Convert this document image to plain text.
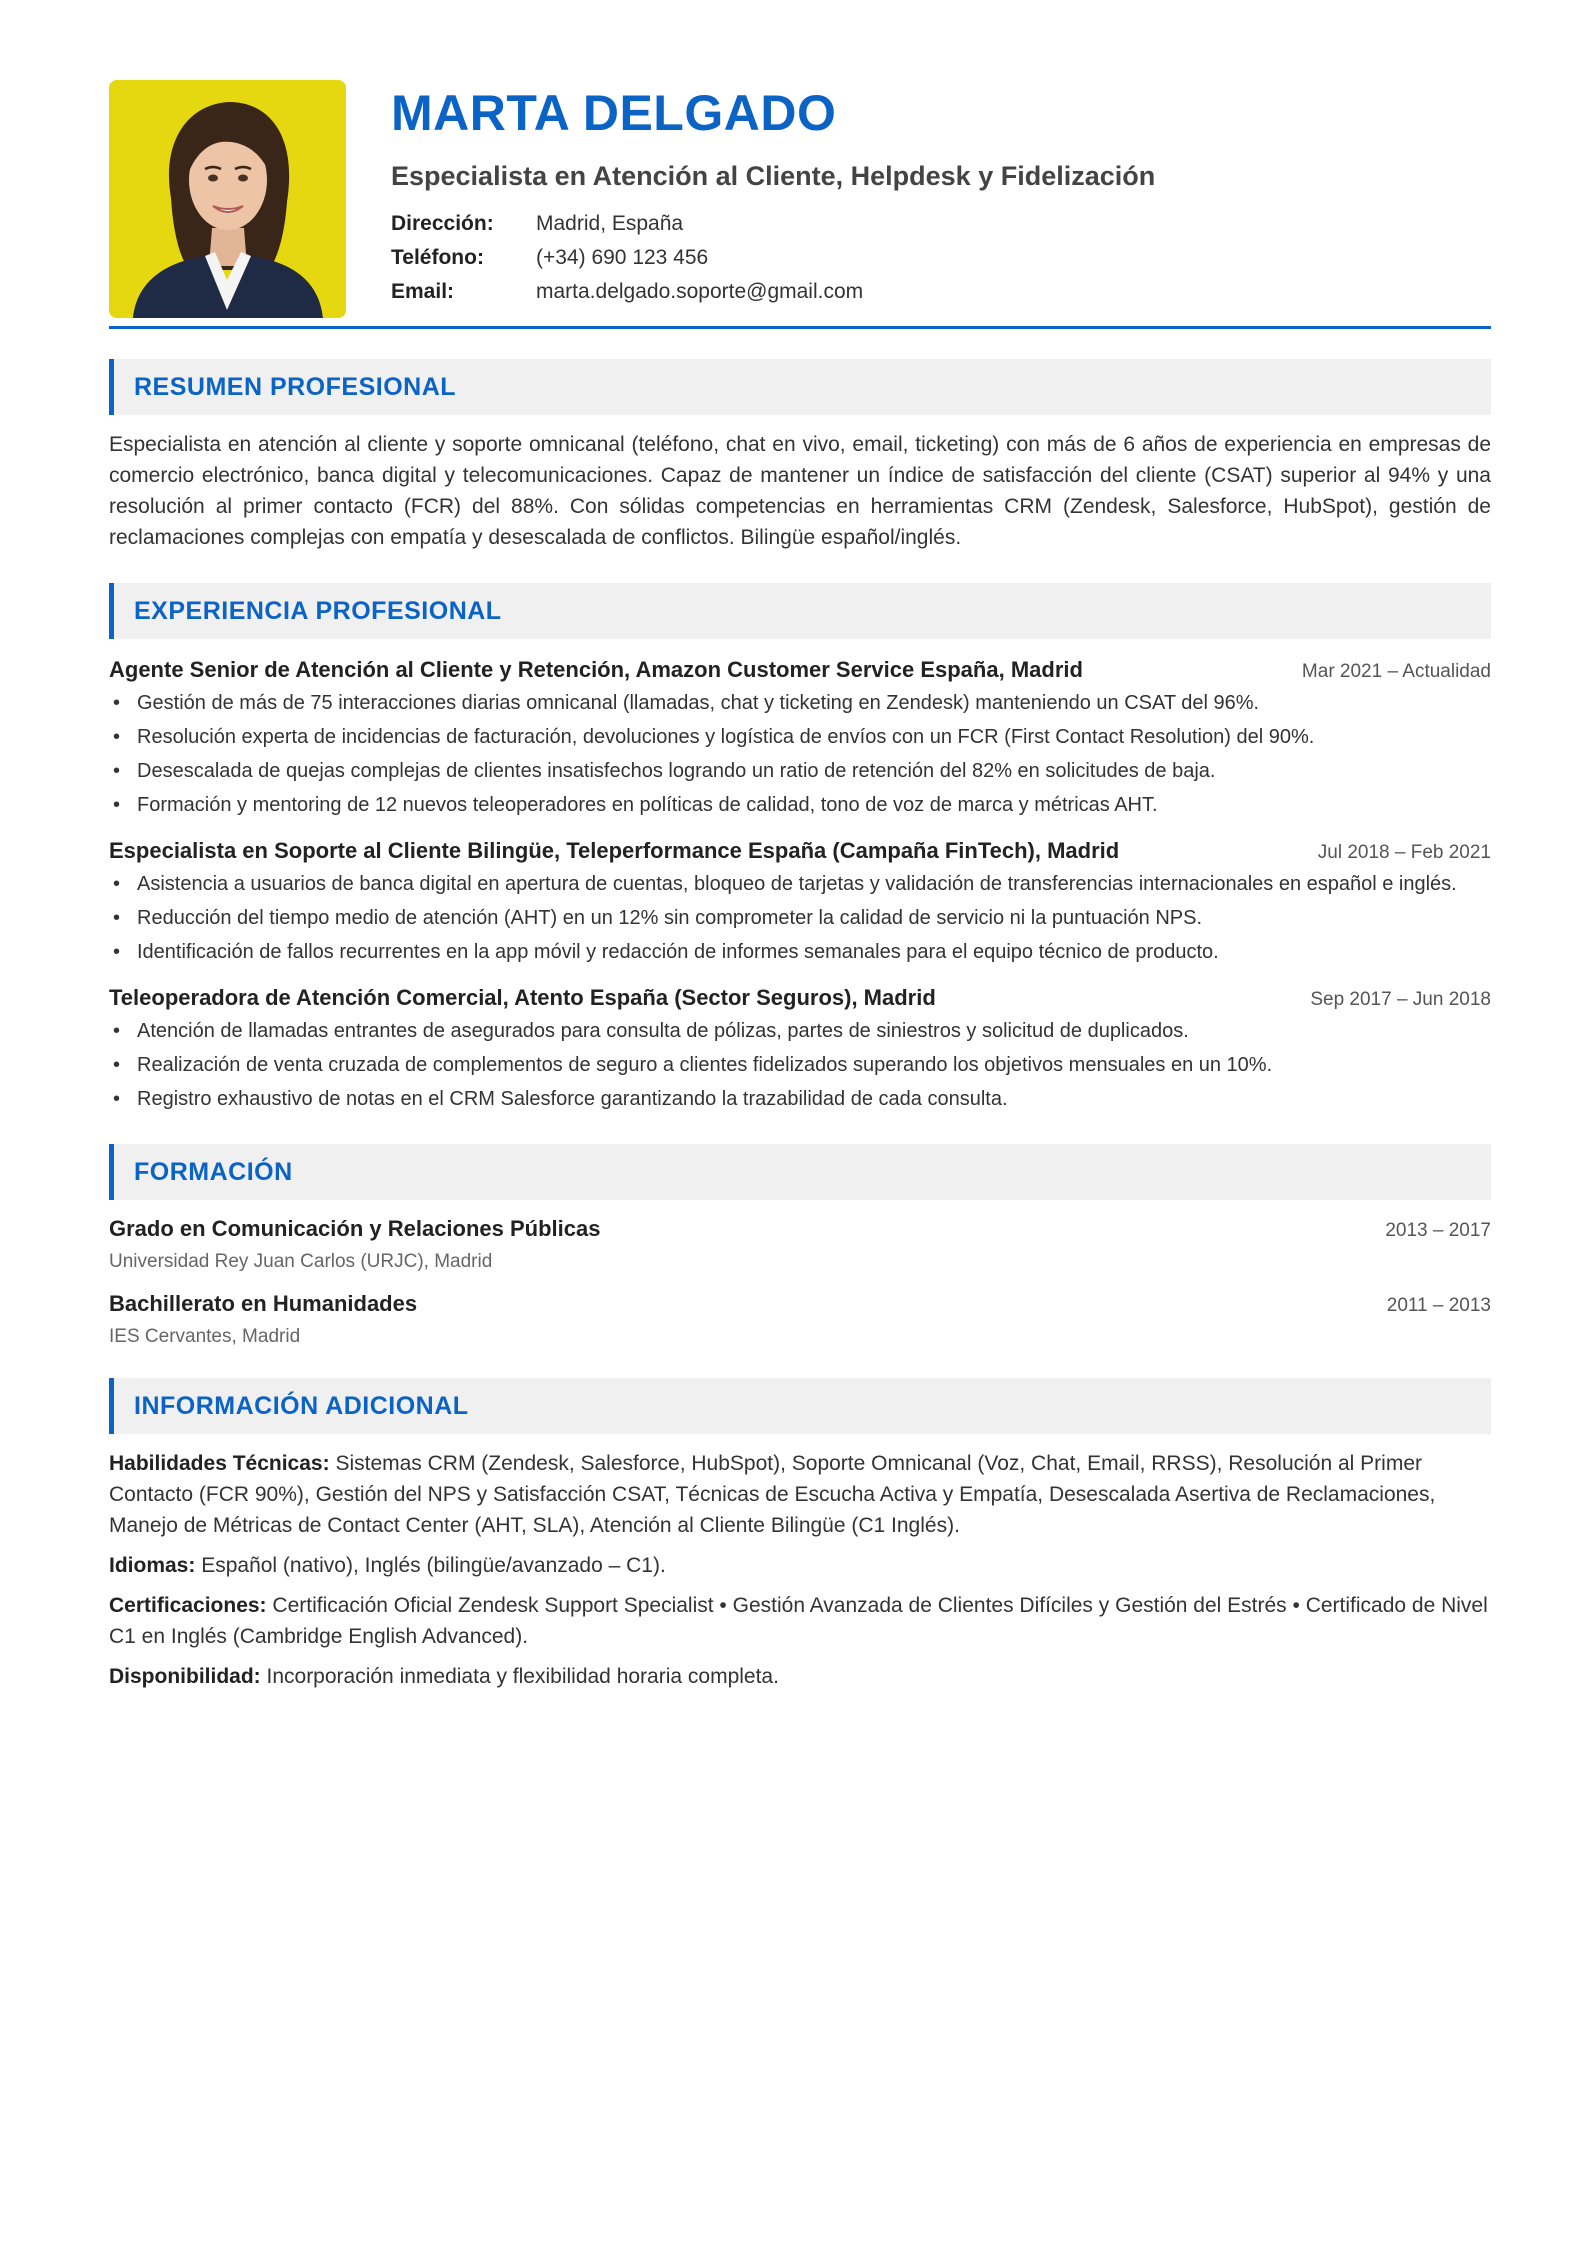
MARTA DELGADO
Especialista en Atención al Cliente, Helpdesk y Fidelización
Dirección:	Madrid, España
Teléfono:	(+34) 690 123 456
Email:	marta.delgado.soporte@gmail.com
RESUMEN PROFESIONAL
Especialista en atención al cliente y soporte omnicanal (teléfono, chat en vivo, email, ticketing) con más de 6 años de experiencia en empresas de comercio electrónico, banca digital y telecomunicaciones. Capaz de mantener un índice de satisfacción del cliente (CSAT) superior al 94% y una resolución al primer contacto (FCR) del 88%. Con sólidas competencias en herramientas CRM (Zendesk, Salesforce, HubSpot), gestión de reclamaciones complejas con empatía y desescalada de conflictos. Bilingüe español/inglés.
EXPERIENCIA PROFESIONAL
Agente Senior de Atención al Cliente y Retención, Amazon Customer Service España, Madrid	Mar 2021 – Actualidad
• Gestión de más de 75 interacciones diarias omnicanal (llamadas, chat y ticketing en Zendesk) manteniendo un CSAT del 96%.
• Resolución experta de incidencias de facturación, devoluciones y logística de envíos con un FCR (First Contact Resolution) del 90%.
• Desescalada de quejas complejas de clientes insatisfechos logrando un ratio de retención del 82% en solicitudes de baja.
• Formación y mentoring de 12 nuevos teleoperadores en políticas de calidad, tono de voz de marca y métricas AHT.
Especialista en Soporte al Cliente Bilingüe, Teleperformance España (Campaña FinTech), Madrid	Jul 2018 – Feb 2021
• Asistencia a usuarios de banca digital en apertura de cuentas, bloqueo de tarjetas y validación de transferencias internacionales en español e inglés.
• Reducción del tiempo medio de atención (AHT) en un 12% sin comprometer la calidad de servicio ni la puntuación NPS.
• Identificación de fallos recurrentes en la app móvil y redacción de informes semanales para el equipo técnico de producto.
Teleoperadora de Atención Comercial, Atento España (Sector Seguros), Madrid	Sep 2017 – Jun 2018
• Atención de llamadas entrantes de asegurados para consulta de pólizas, partes de siniestros y solicitud de duplicados.
• Realización de venta cruzada de complementos de seguro a clientes fidelizados superando los objetivos mensuales en un 10%.
• Registro exhaustivo de notas en el CRM Salesforce garantizando la trazabilidad de cada consulta.
FORMACIÓN
Grado en Comunicación y Relaciones Públicas	2013 – 2017
Universidad Rey Juan Carlos (URJC), Madrid
Bachillerato en Humanidades	2011 – 2013
IES Cervantes, Madrid
INFORMACIÓN ADICIONAL
Habilidades Técnicas: Sistemas CRM (Zendesk, Salesforce, HubSpot), Soporte Omnicanal (Voz, Chat, Email, RRSS), Resolución al Primer Contacto (FCR 90%), Gestión del NPS y Satisfacción CSAT, Técnicas de Escucha Activa y Empatía, Desescalada Asertiva de Reclamaciones, Manejo de Métricas de Contact Center (AHT, SLA), Atención al Cliente Bilingüe (C1 Inglés).
Idiomas: Español (nativo), Inglés (bilingüe/avanzado – C1).
Certificaciones: Certificación Oficial Zendesk Support Specialist • Gestión Avanzada de Clientes Difíciles y Gestión del Estrés • Certificado de Nivel C1 en Inglés (Cambridge English Advanced).
Disponibilidad: Incorporación inmediata y flexibilidad horaria completa.
